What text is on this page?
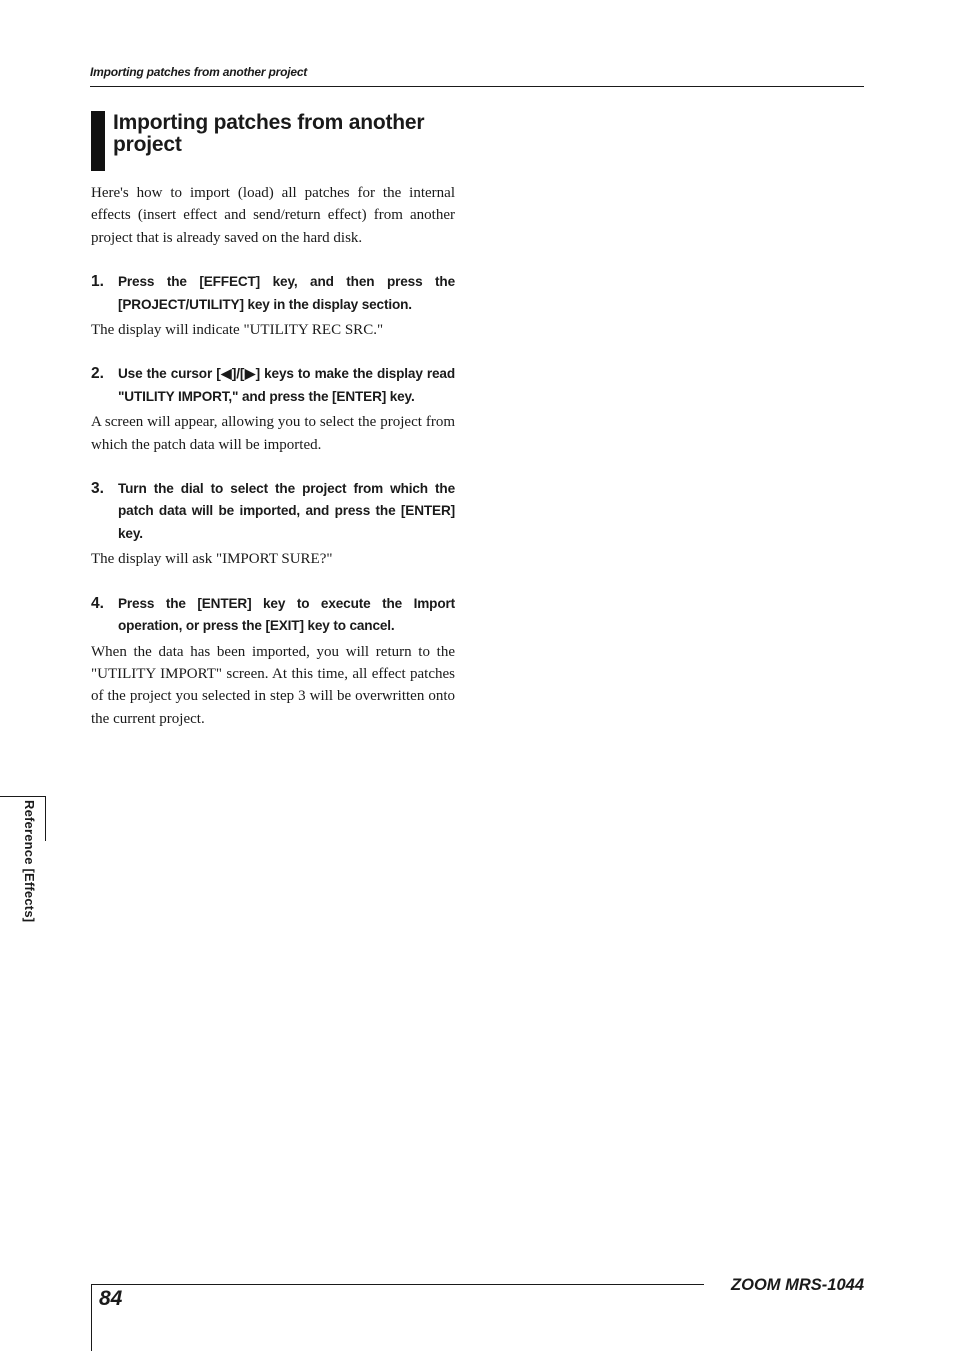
Importing patches from another project
Importing patches from another project

Here's how to import (load) all patches for the internal effects (insert effect and send/return effect) from another project that is already saved on the hard disk.

1.	Press the [EFFECT] key, and then press the [PROJECT/UTILITY] key in the display section.

The display will indicate "UTILITY REC SRC."

2.	Use the cursor [◀]/[▶] keys to make the display read "UTILITY IMPORT," and press the [ENTER] key.

A screen will appear, allowing you to select the project from which the patch data will be imported.

3.	Turn the dial to select the project from which the patch data will be imported, and press the [ENTER] key.

The display will ask "IMPORT SURE?"

4.	Press the [ENTER] key to execute the Import operation, or press the [EXIT] key to cancel.

When the data has been imported, you will return to the "UTILITY IMPORT" screen. At this time, all effect patches of the project you selected in step 3 will be overwritten onto the current project.

Reference [Effects]
84
ZOOM MRS-1044
